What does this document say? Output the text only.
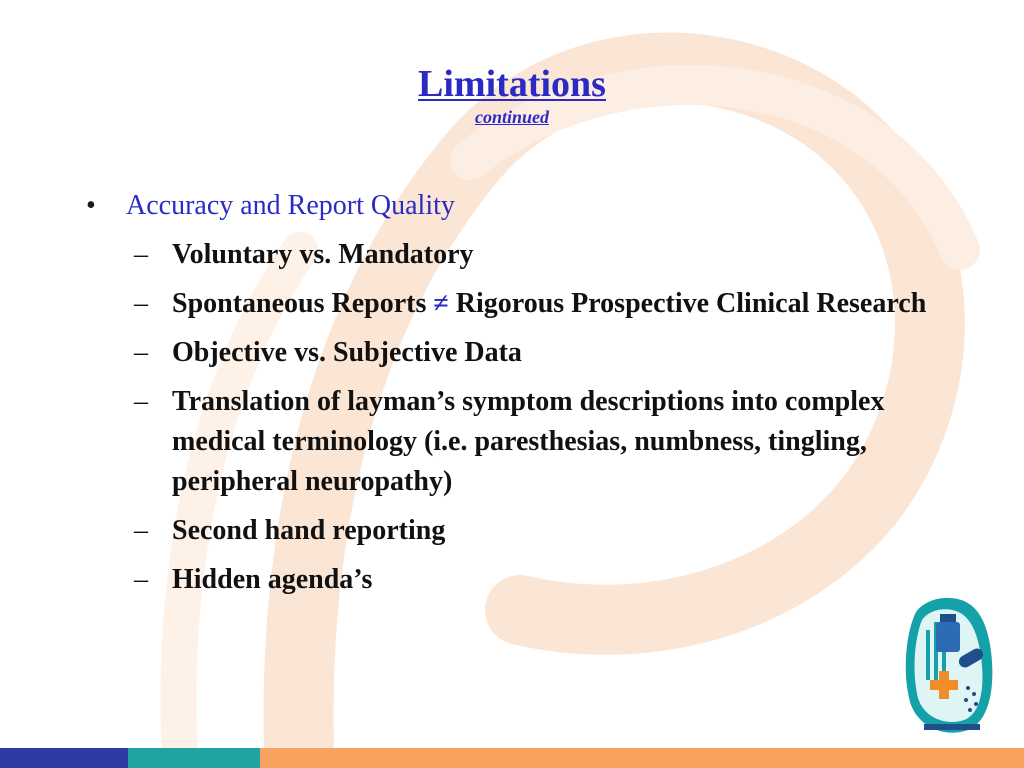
Limitations
continued
• Accuracy and Report Quality
– Voluntary vs. Mandatory
– Spontaneous Reports ≠ Rigorous Prospective Clinical Research
– Objective vs. Subjective Data
– Translation of layman’s symptom descriptions into complex medical terminology (i.e. paresthesias, numbness, tingling, peripheral neuropathy)
– Second hand reporting
– Hidden agenda’s
